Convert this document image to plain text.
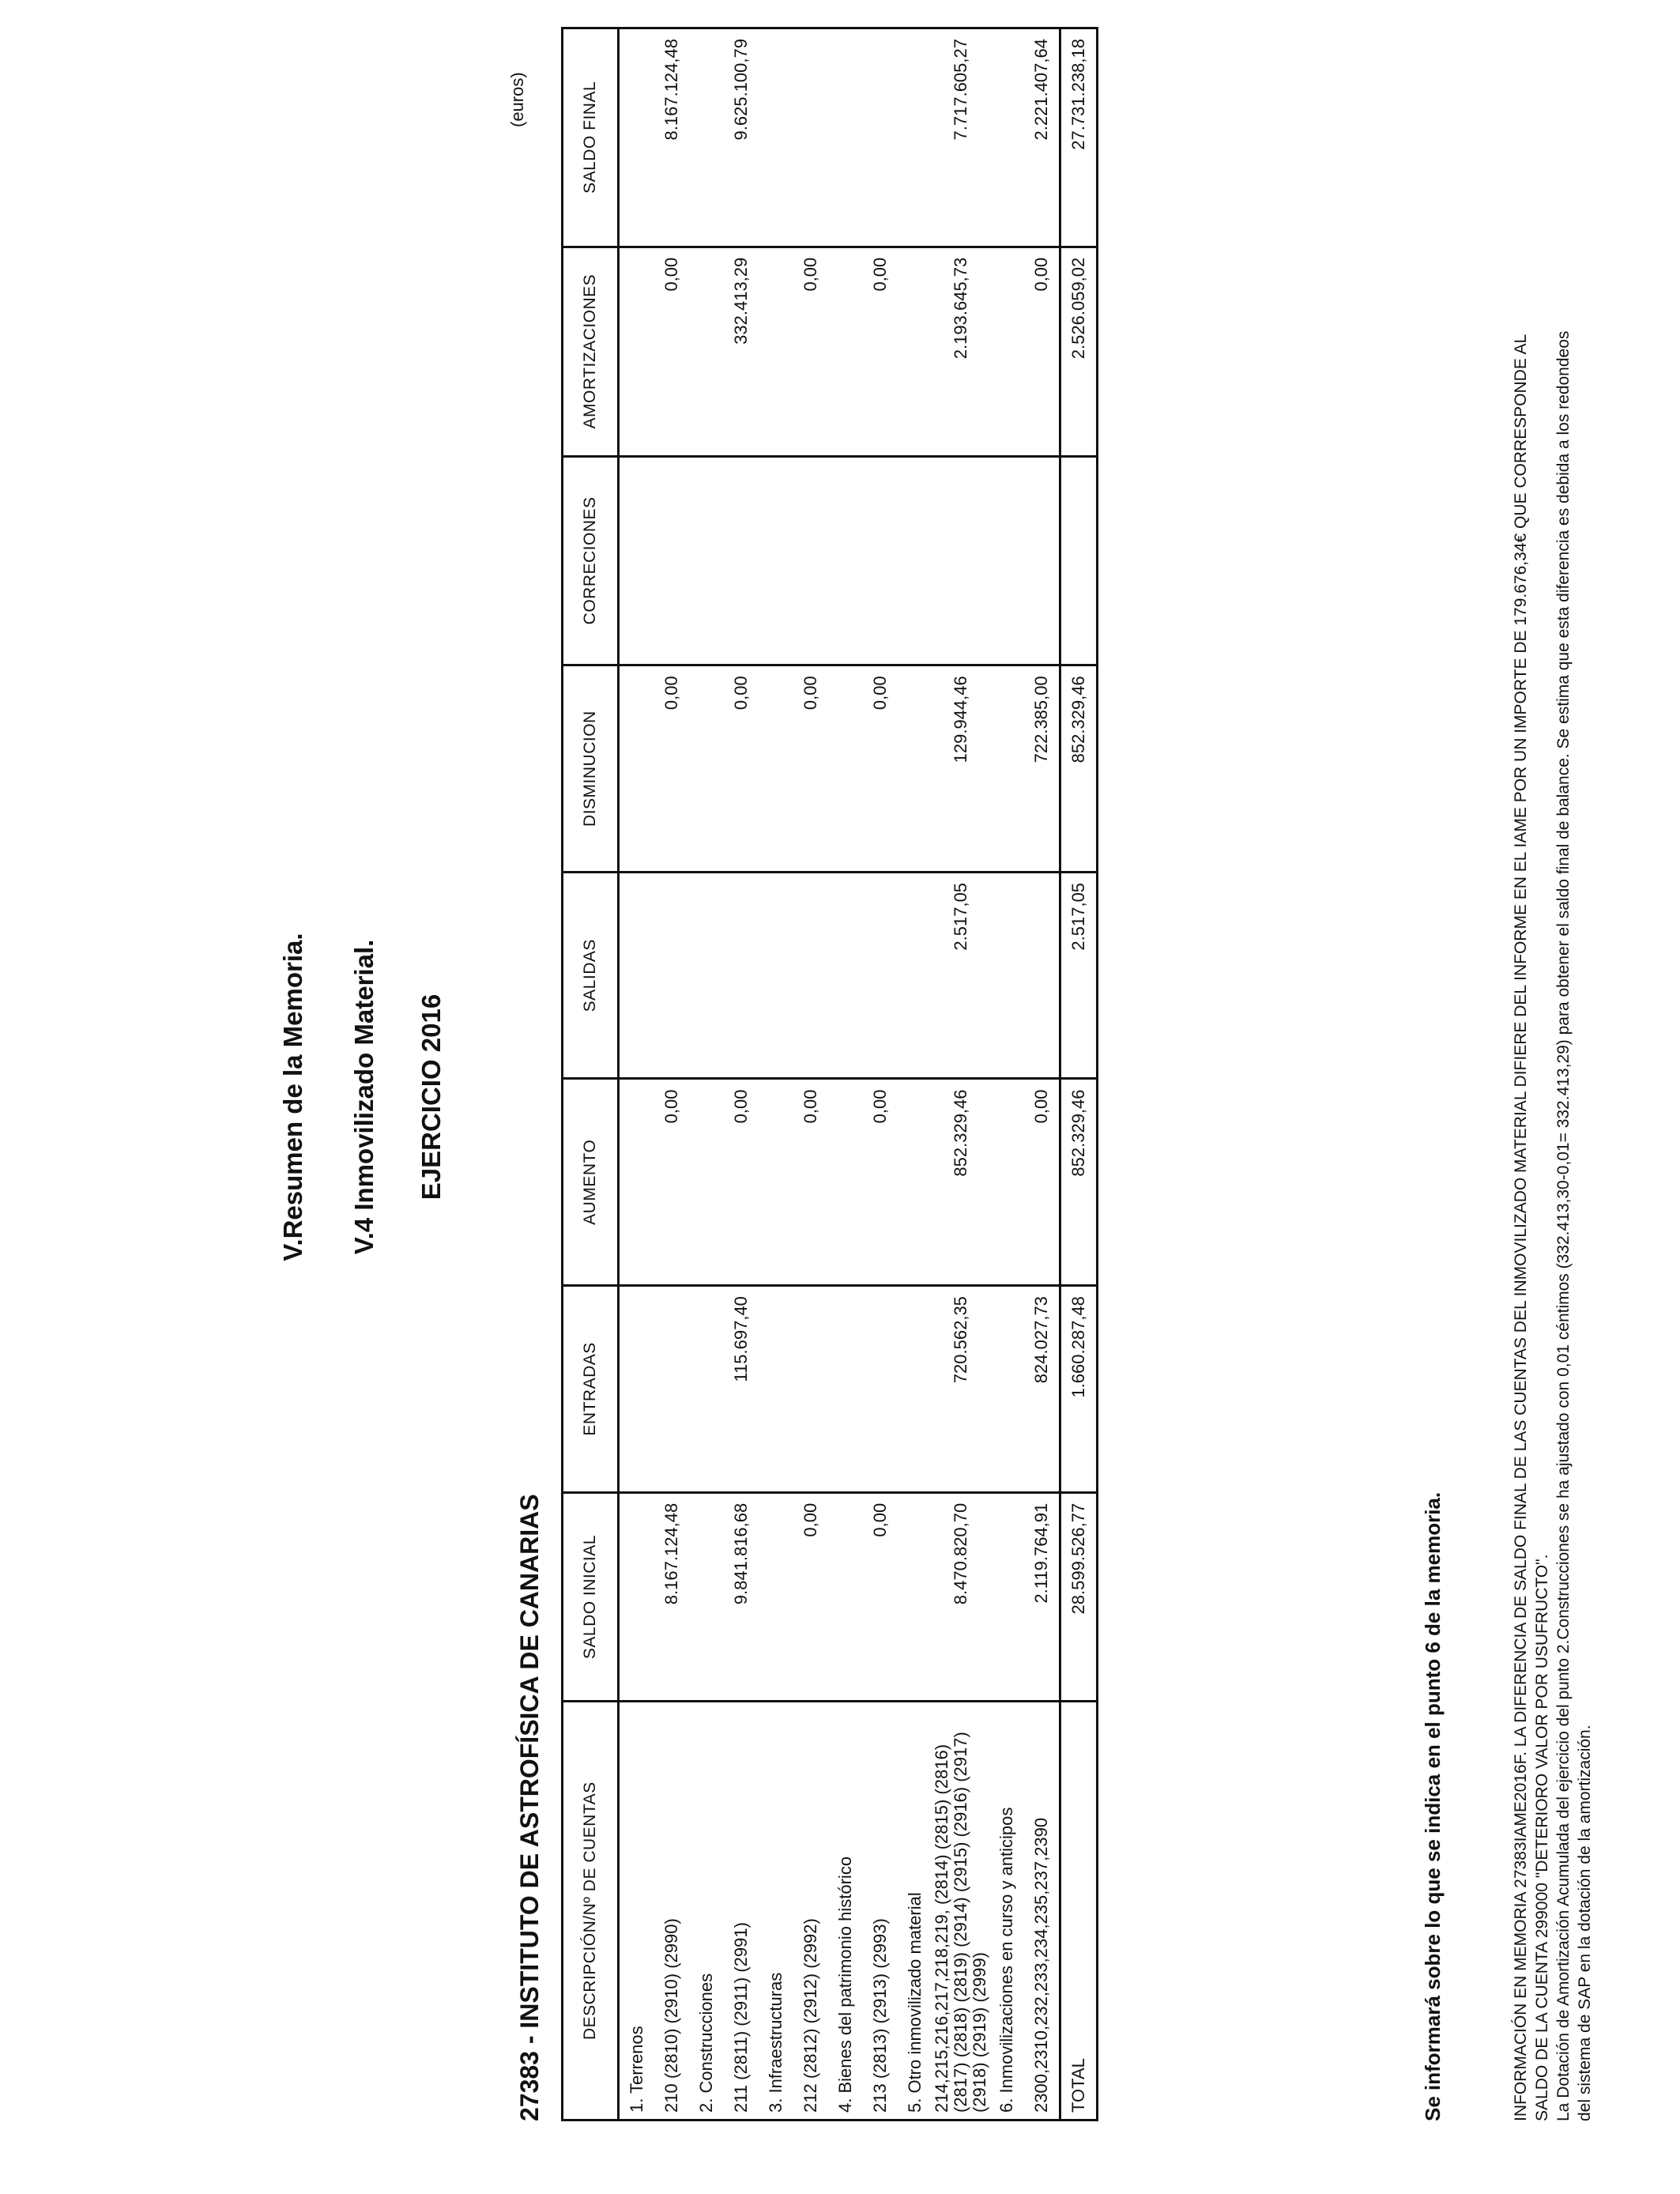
V.Resumen de la Memoria. V.4 Inmovilizado Material. EJERCICIO 2016
(euros)
27383 - INSTITUTO DE ASTROFÍSICA DE CANARIAS DESCRIPCIÓN/Nº DE CUENTAS	SALDO INICIAL	ENTRADAS	AUMENTO	SALIDAS	DISMINUCION	CORRECIONES	AMORTIZACIONES	SALDO FINAL
1. Terrenos								
210 (2810) (2910) (2990)	8.167.124,48		0,00		0,00		0,00	8.167.124,48
2. Construcciones								
211 (2811) (2911) (2991)	9.841.816,68	115.697,40	0,00		0,00		332.413,29	9.625.100,79
3. Infraestructuras								
212 (2812) (2912) (2992)	0,00		0,00		0,00		0,00	
4. Bienes del patrimonio histórico								
213 (2813) (2913) (2993)	0,00		0,00		0,00		0,00	
5. Otro inmovilizado material								
214,215,216,217,218,219, (2814) (2815) (2816) (2817) (2818) (2819) (2914) (2915) (2916) (2917) (2918) (2919) (2999)	8.470.820,70	720.562,35	852.329,46	2.517,05	129.944,46		2.193.645,73	7.717.605,27
6. Inmovilizaciones en curso y anticipos								
2300,2310,232,233,234,235,237,2390	2.119.764,91	824.027,73	0,00		722.385,00		0,00	2.221.407,64
TOTAL	28.599.526,77	1.660.287,48	852.329,46	2.517,05	852.329,46		2.526.059,02	27.731.238,18
Se informará sobre lo que se indica en el punto 6 de la memoria.	INFORMACIÓN EN MEMORIA 27383IAME2016F. LA DIFERENCIA DE SALDO FINAL DE LAS CUENTAS DEL INMOVILIZADO MATERIAL DIFIERE DEL INFORME EN EL IAME POR UN IMPORTE DE 179.676,34€ QUE CORRESPONDE AL SALDO DE LA CUENTA 299000 "DETERIORO VALOR POR USUFRUCTO". La Dotación de Amortización Acumulada del ejercicio del punto 2.Construcciones se ha ajustado con 0,01 céntimos (332.413,30-0,01= 332.413,29) para obtener el saldo final de balance. Se estima que esta diferencia es debida a los redondeos del sistema de SAP en la dotación de la amortización.
